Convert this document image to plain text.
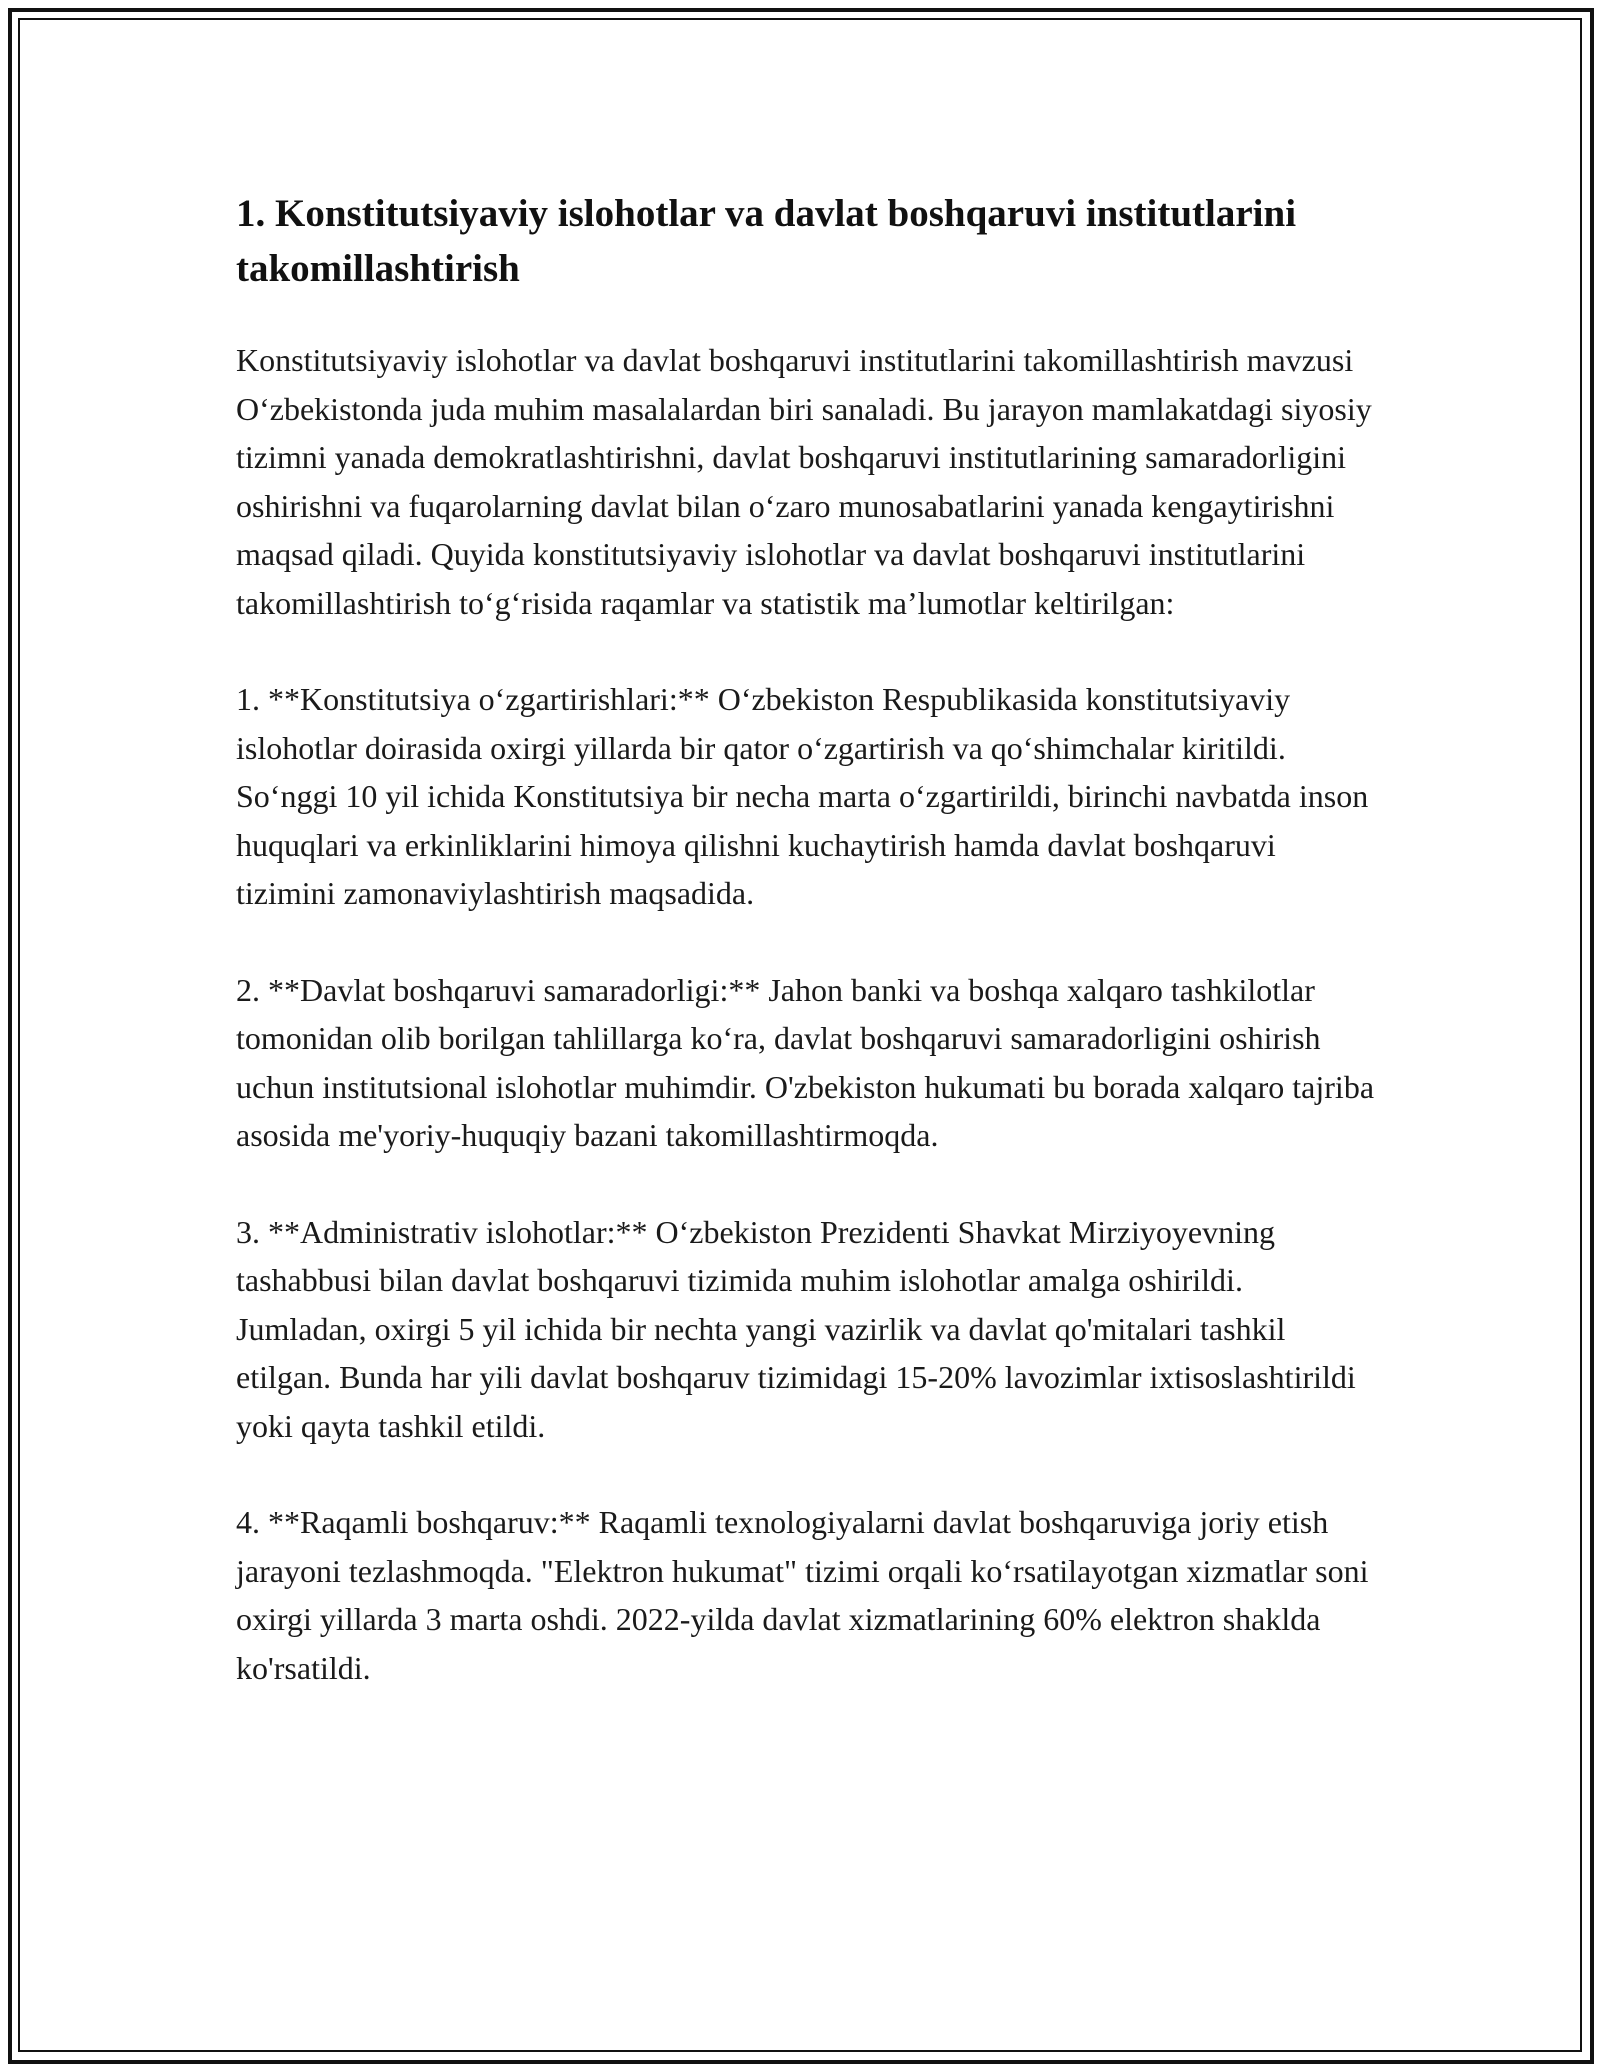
1. Konstitutsiyaviy islohotlar va davlat boshqaruvi institutlarini takomillashtirish

Konstitutsiyaviy islohotlar va davlat boshqaruvi institutlarini takomillashtirish mavzusi O‘zbekistonda juda muhim masalalardan biri sanaladi. Bu jarayon mamlakatdagi siyosiy tizimni yanada demokratlashtirishni, davlat boshqaruvi institutlarining samaradorligini oshirishni va fuqarolarning davlat bilan o‘zaro munosabatlarini yanada kengaytirishni maqsad qiladi. Quyida konstitutsiyaviy islohotlar va davlat boshqaruvi institutlarini takomillashtirish to‘g‘risida raqamlar va statistik ma’lumotlar keltirilgan:

1. **Konstitutsiya o‘zgartirishlari:** O‘zbekiston Respublikasida konstitutsiyaviy islohotlar doirasida oxirgi yillarda bir qator o‘zgartirish va qo‘shimchalar kiritildi. So‘nggi 10 yil ichida Konstitutsiya bir necha marta o‘zgartirildi, birinchi navbatda inson huquqlari va erkinliklarini himoya qilishni kuchaytirish hamda davlat boshqaruvi tizimini zamonaviylashtirish maqsadida.

2. **Davlat boshqaruvi samaradorligi:** Jahon banki va boshqa xalqaro tashkilotlar tomonidan olib borilgan tahlillarga ko‘ra, davlat boshqaruvi samaradorligini oshirish uchun institutsional islohotlar muhimdir. O'zbekiston hukumati bu borada xalqaro tajriba asosida me'yoriy-huquqiy bazani takomillashtirmoqda.

3. **Administrativ islohotlar:** O‘zbekiston Prezidenti Shavkat Mirziyoyevning tashabbusi bilan davlat boshqaruvi tizimida muhim islohotlar amalga oshirildi. Jumladan, oxirgi 5 yil ichida bir nechta yangi vazirlik va davlat qo'mitalari tashkil etilgan. Bunda har yili davlat boshqaruv tizimidagi 15-20% lavozimlar ixtisoslashtirildi yoki qayta tashkil etildi.

4. **Raqamli boshqaruv:** Raqamli texnologiyalarni davlat boshqaruviga joriy etish jarayoni tezlashmoqda. "Elektron hukumat" tizimi orqali ko‘rsatilayotgan xizmatlar soni oxirgi yillarda 3 marta oshdi. 2022-yilda davlat xizmatlarining 60% elektron shaklda ko'rsatildi.
